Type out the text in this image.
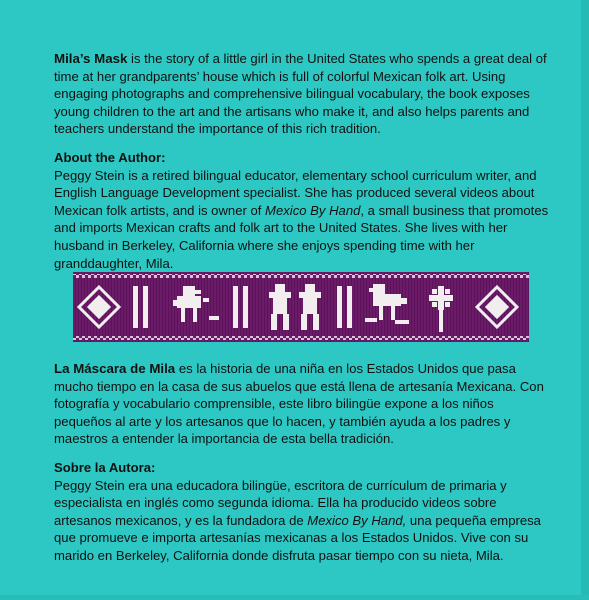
Mila’s Mask is the story of a little girl in the United States who spends a great deal of time at her grandparents’ house which is full of colorful Mexican folk art. Using engaging photographs and comprehensive bilingual vocabulary, the book exposes young children to the art and the artisans who make it, and also helps parents and teachers understand the importance of this rich tradition.

About the Author:
Peggy Stein is a retired bilingual educator, elementary school curriculum writer, and English Language Development specialist. She has produced several videos about Mexican folk artists, and is owner of Mexico By Hand, a small business that promotes and imports Mexican crafts and folk art to the United States. She lives with her husband in Berkeley, California where she enjoys spending time with her granddaughter, Mila.

La Máscara de Mila es la historia de una niña en los Estados Unidos que pasa mucho tiempo en la casa de sus abuelos que está llena de artesanía Mexicana. Con fotografía y vocabulario comprensible, este libro bilingüe expone a los niños pequeños al arte y los artesanos que lo hacen, y también ayuda a los padres y maestros a entender la importancia de esta bella tradición.

Sobre la Autora:
Peggy Stein era una educadora bilingüe, escritora de currículum de primaria y especialista en inglés como segunda idioma. Ella ha producido videos sobre artesanos mexicanos, y es la fundadora de Mexico By Hand, una pequeña empresa que promueve e importa artesanías mexicanas a los Estados Unidos. Vive con su marido en Berkeley, California donde disfruta pasar tiempo con su nieta, Mila.
